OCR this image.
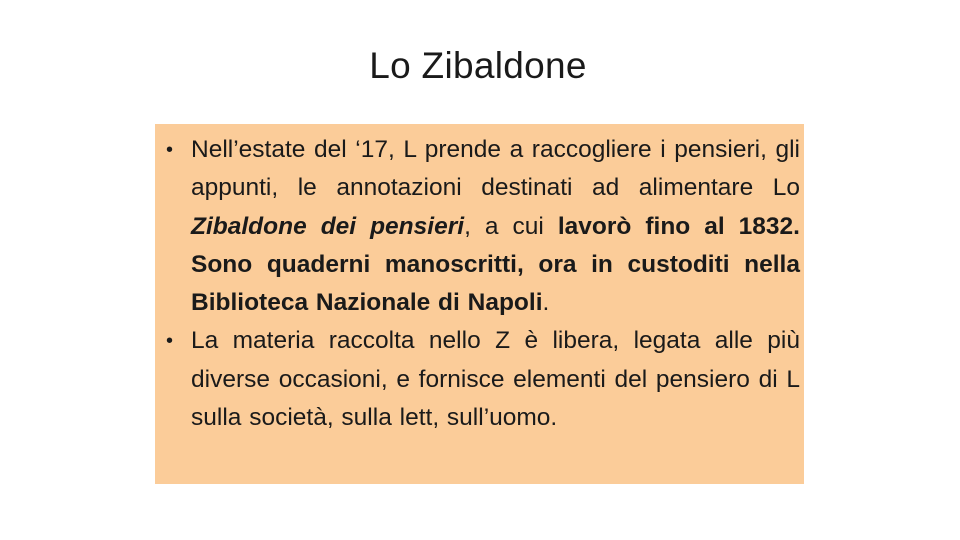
Lo Zibaldone
• Nell’estate del ‘17, L prende a raccogliere i pensieri, gli appunti, le annotazioni destinati ad alimentare Lo Zibaldone dei pensieri, a cui lavorò fino al 1832. Sono quaderni manoscritti, ora in custoditi nella Biblioteca Nazionale di Napoli.
• La materia raccolta nello Z è libera, legata alle più diverse occasioni, e fornisce elementi del pensiero di L sulla società, sulla lett, sull’uomo.
